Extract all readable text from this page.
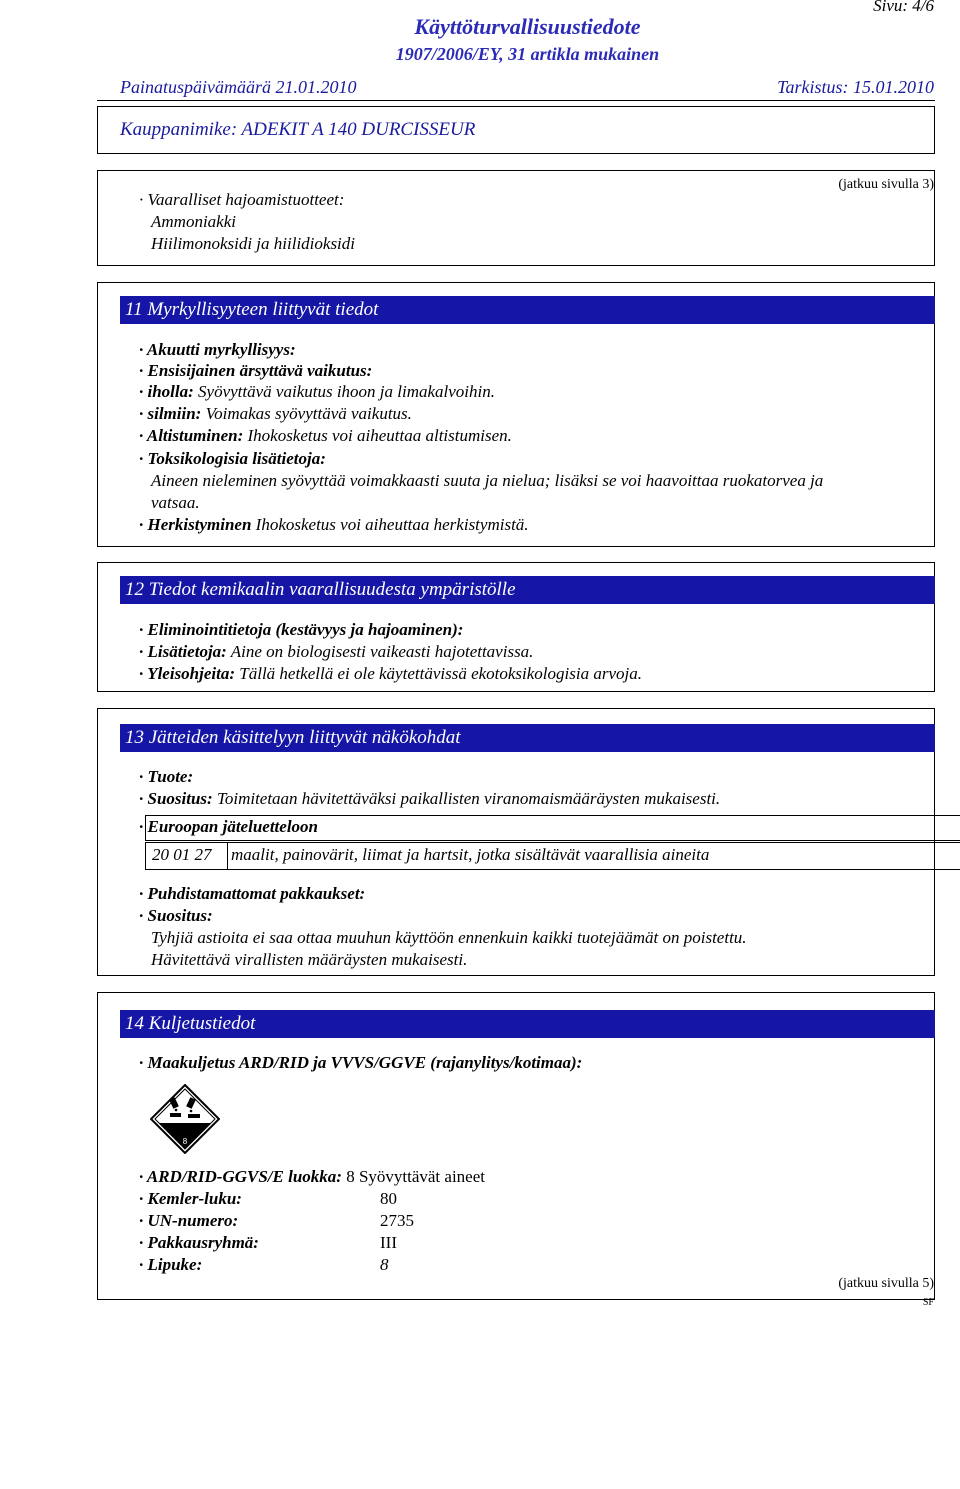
Käyttöturvallisuustiedote
1907/2006/EY, 31 artikla mukainen
Sivu: 4/6
Painatuspäivämäärä 21.01.2010	Tarkistus: 15.01.2010
Kauppanimike: ADEKIT A 140 DURCISSEUR
(jatkuu sivulla 3)
· Vaaralliset hajoamistuotteet:
Ammoniakki
Hiilimonoksidi ja hiilidioksidi
11 Myrkyllisyyteen liittyvät tiedot
· Akuutti myrkyllisyys:
· Ensisijainen ärsyttävä vaikutus:
· iholla: Syövyttävä vaikutus ihoon ja limakalvoihin.
· silmiin: Voimakas syövyttävä vaikutus.
· Altistuminen: Ihokosketus voi aiheuttaa altistumisen.
· Toksikologisia lisätietoja:
Aineen nieleminen syövyttää voimakkaasti suuta ja nielua; lisäksi se voi haavoittaa ruokatorvea ja
vatsaa.
· Herkistyminen Ihokosketus voi aiheuttaa herkistymistä.
12 Tiedot kemikaalin vaarallisuudesta ympäristölle
· Eliminointitietoja (kestävyys ja hajoaminen):
· Lisätietoja: Aine on biologisesti vaikeasti hajotettavissa.
· Yleisohjeita: Tällä hetkellä ei ole käytettävissä ekotoksikologisia arvoja.
13 Jätteiden käsittelyyn liittyvät näkökohdat
· Tuote:
· Suositus: Toimitetaan hävitettäväksi paikallisten viranomaismääräysten mukaisesti.
· Euroopan jäteluetteloon
20 01 27 maalit, painovärit, liimat ja hartsit, jotka sisältävät vaarallisia aineita
· Puhdistamattomat pakkaukset:
· Suositus:
Tyhjiä astioita ei saa ottaa muuhun käyttöön ennenkuin kaikki tuotejäämät on poistettu.
Hävitettävä virallisten määräysten mukaisesti.
14 Kuljetustiedot
· Maakuljetus ARD/RID ja VVVS/GGVE (rajanylitys/kotimaa):
8
· ARD/RID-GGVS/E luokka: 8 Syövyttävät aineet
· Kemler-luku:	80
· UN-numero:	2735
· Pakkausryhmä:	III
· Lipuke:	8
(jatkuu sivulla 5)
SF
